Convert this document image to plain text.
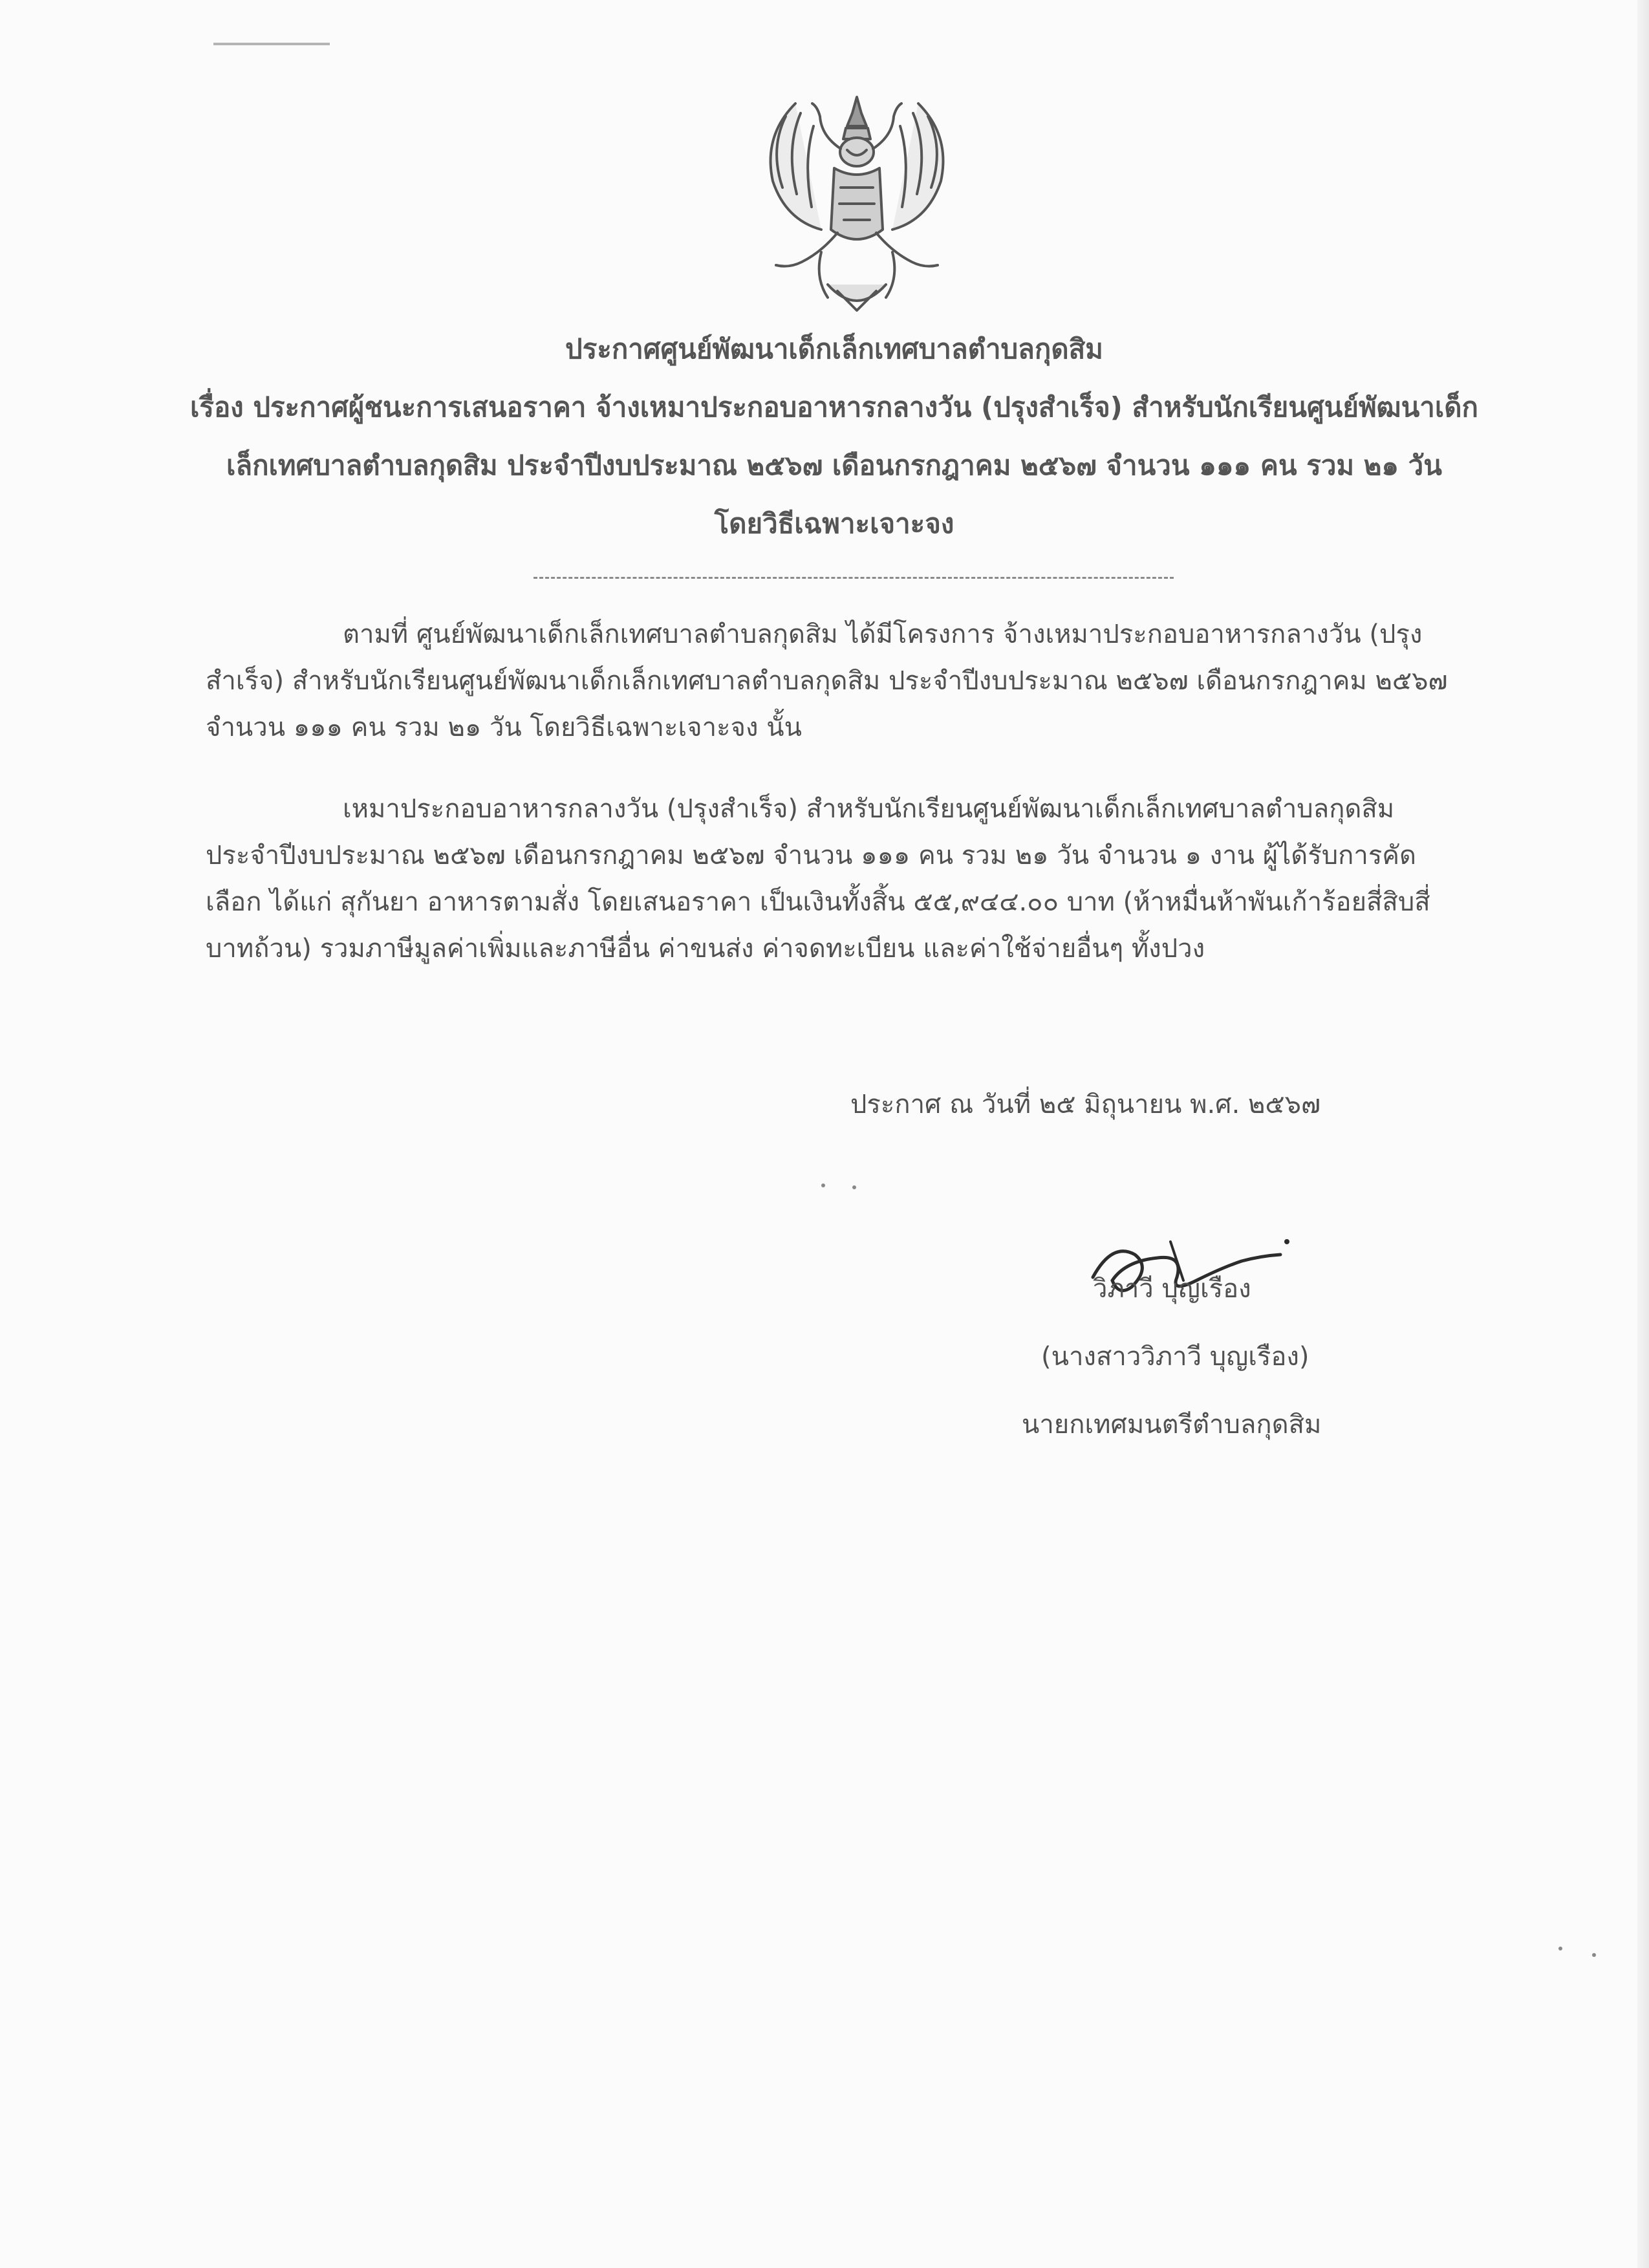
ประกาศศูนย์พัฒนาเด็กเล็กเทศบาลตำบลกุดสิม
เรื่อง ประกาศผู้ชนะการเสนอราคา จ้างเหมาประกอบอาหารกลางวัน (ปรุงสำเร็จ) สำหรับนักเรียนศูนย์พัฒนาเด็ก
เล็กเทศบาลตำบลกุดสิม ประจำปีงบประมาณ ๒๕๖๗ เดือนกรกฎาคม ๒๕๖๗ จำนวน ๑๑๑ คน รวม ๒๑ วัน
โดยวิธีเฉพาะเจาะจง
ตามที่ ศูนย์พัฒนาเด็กเล็กเทศบาลตำบลกุดสิม ได้มีโครงการ จ้างเหมาประกอบอาหารกลางวัน (ปรุง
สำเร็จ) สำหรับนักเรียนศูนย์พัฒนาเด็กเล็กเทศบาลตำบลกุดสิม ประจำปีงบประมาณ ๒๕๖๗ เดือนกรกฎาคม ๒๕๖๗
จำนวน ๑๑๑ คน รวม ๒๑ วัน โดยวิธีเฉพาะเจาะจง นั้น
เหมาประกอบอาหารกลางวัน (ปรุงสำเร็จ) สำหรับนักเรียนศูนย์พัฒนาเด็กเล็กเทศบาลตำบลกุดสิม
ประจำปีงบประมาณ ๒๕๖๗ เดือนกรกฎาคม ๒๕๖๗ จำนวน ๑๑๑ คน รวม ๒๑ วัน จำนวน ๑ งาน ผู้ได้รับการคัด
เลือก ได้แก่ สุกันยา อาหารตามสั่ง โดยเสนอราคา เป็นเงินทั้งสิ้น ๕๕,๙๔๔.๐๐ บาท (ห้าหมื่นห้าพันเก้าร้อยสี่สิบสี่
บาทถ้วน) รวมภาษีมูลค่าเพิ่มและภาษีอื่น ค่าขนส่ง ค่าจดทะเบียน และค่าใช้จ่ายอื่นๆ ทั้งปวง
ประกาศ ณ วันที่ ๒๕ มิถุนายน พ.ศ. ๒๕๖๗
วิภาวี บุญเรือง
(นางสาววิภาวี บุญเรือง)
นายกเทศมนตรีตำบลกุดสิม
